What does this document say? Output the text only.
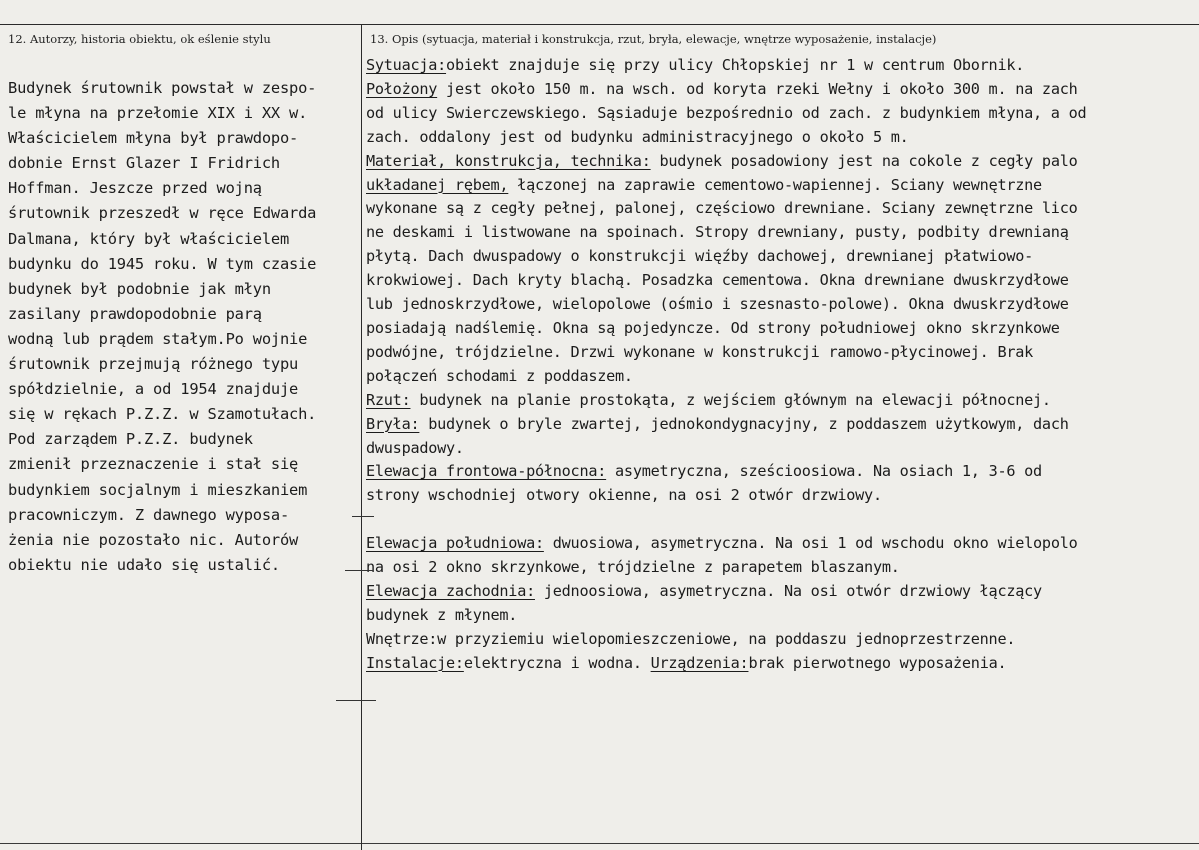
12. Autorzy, historia obiektu, ok eślenie stylu	13. Opis (sytuacja, materiał i konstrukcja, rzut, bryła, elewacje, wnętrze wyposażenie, instalacje)
Budynek śrutownik powstał w zespo-
le młyna na przełomie XIX i XX w.
Właścicielem młyna był prawdopo-
dobnie Ernst Glazer I Fridrich
Hoffman. Jeszcze przed wojną
śrutownik przeszedł w ręce Edwarda
Dalmana, który był właścicielem
budynku do 1945 roku. W tym czasie
budynek był podobnie jak młyn
zasilany prawdopodobnie parą
wodną lub prądem stałym.Po wojnie
śrutownik przejmują różnego typu
spółdzielnie, a od 1954 znajduje
się w rękach P.Z.Z. w Szamotułach.
Pod zarządem P.Z.Z. budynek
zmienił przeznaczenie i stał się
budynkiem socjalnym i mieszkaniem
pracowniczym. Z dawnego wyposa-
żenia nie pozostało nic. Autorów
obiektu nie udało się ustalić.
Sytuacja:obiekt znajduje się przy ulicy Chłopskiej nr 1 w centrum Obornik.
Położony jest około 150 m. na wsch. od koryta rzeki Wełny i około 300 m. na zach
od ulicy Swierczewskiego. Sąsiaduje bezpośrednio od zach. z budynkiem młyna, a od
zach. oddalony jest od budynku administracyjnego o około 5 m.
Materiał, konstrukcja, technika: budynek posadowiony jest na cokole z cegły palo
układanej rębem, łączonej na zaprawie cementowo-wapiennej. Sciany wewnętrzne
wykonane są z cegły pełnej, palonej, częściowo drewniane. Sciany zewnętrzne lico
ne deskami i listwowane na spoinach. Stropy drewniany, pusty, podbity drewnianą
płytą. Dach dwuspadowy o konstrukcji więźby dachowej, drewnianej płatwiowo-
krokwiowej. Dach kryty blachą. Posadzka cementowa. Okna drewniane dwuskrzydłowe
lub jednoskrzydłowe, wielopolowe (ośmio i szesnasto-polowe). Okna dwuskrzydłowe
posiadają nadślemię. Okna są pojedyncze. Od strony południowej okno skrzynkowe
podwójne, trójdzielne. Drzwi wykonane w konstrukcji ramowo-płycinowej. Brak
połączeń schodami z poddaszem.
Rzut: budynek na planie prostokąta, z wejściem głównym na elewacji północnej.
Bryła: budynek o bryle zwartej, jednokondygnacyjny, z poddaszem użytkowym, dach
dwuspadowy.
Elewacja frontowa-północna: asymetryczna, sześcioosiowa. Na osiach 1, 3-6 od
strony wschodniej otwory okienne, na osi 2 otwór drzwiowy.
Elewacja południowa: dwuosiowa, asymetryczna. Na osi 1 od wschodu okno wielopolo
na osi 2 okno skrzynkowe, trójdzielne z parapetem blaszanym.
Elewacja zachodnia: jednoosiowa, asymetryczna. Na osi otwór drzwiowy łączący
budynek z młynem.
Wnętrze:w przyziemiu wielopomieszczeniowe, na poddaszu jednoprzestrzenne.
Instalacje:elektryczna i wodna. Urządzenia:brak pierwotnego wyposażenia.
